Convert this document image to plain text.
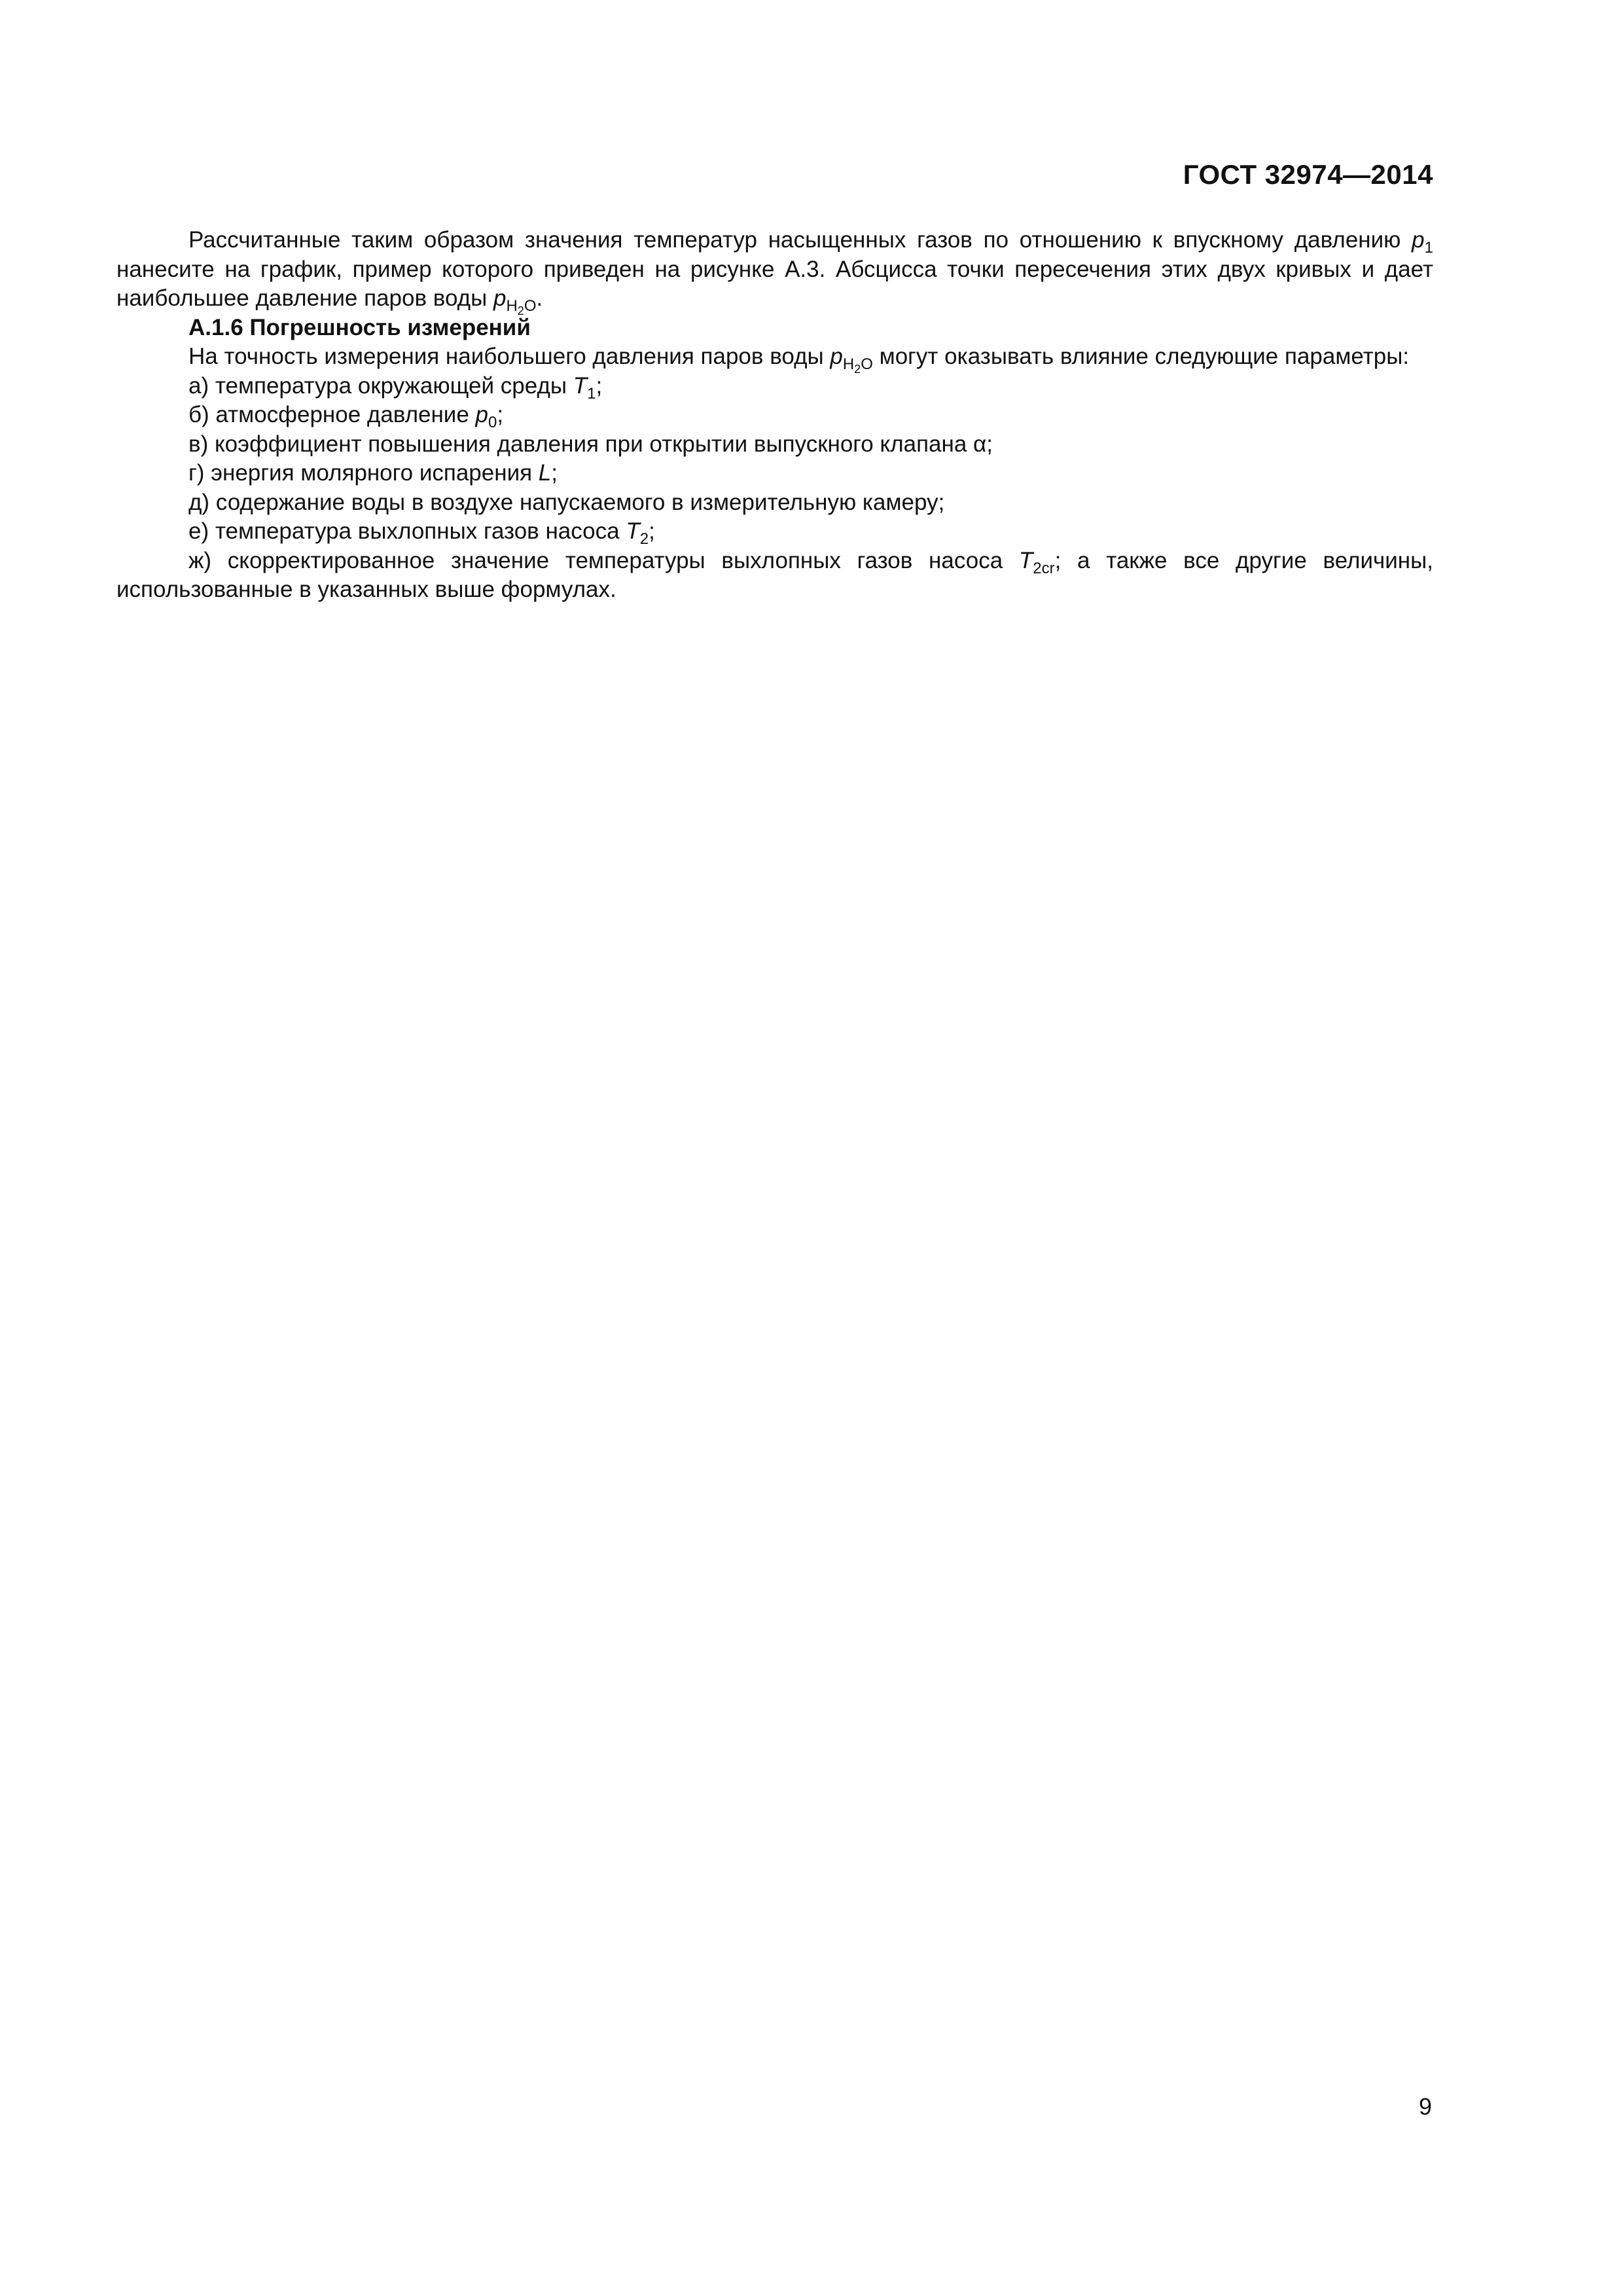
ГОСТ 32974—2014

Рассчитанные таким образом значения температур насыщенных газов по отношению к впускному давлению $p_1$ нанесите на график, пример которого приведен на рисунке А.3. Абсцисса точки пересечения этих двух кривых и дает наибольшее давление паров воды $p_{H_2O}$.

А.1.6 Погрешность измерений

На точность измерения наибольшего давления паров воды $p_{H_2O}$ могут оказывать влияние следующие параметры:

а) температура окружающей среды $T_1$;

б) атмосферное давление $p_0$;

в) коэффициент повышения давления при открытии выпускного клапана α;

г) энергия молярного испарения L;

д) содержание воды в воздухе напускаемого в измерительную камеру;

е) температура выхлопных газов насоса $T_2$;

ж) скорректированное значение температуры выхлопных газов насоса $T_{2cr}$; а также все другие величины, использованные в указанных выше формулах.

9
